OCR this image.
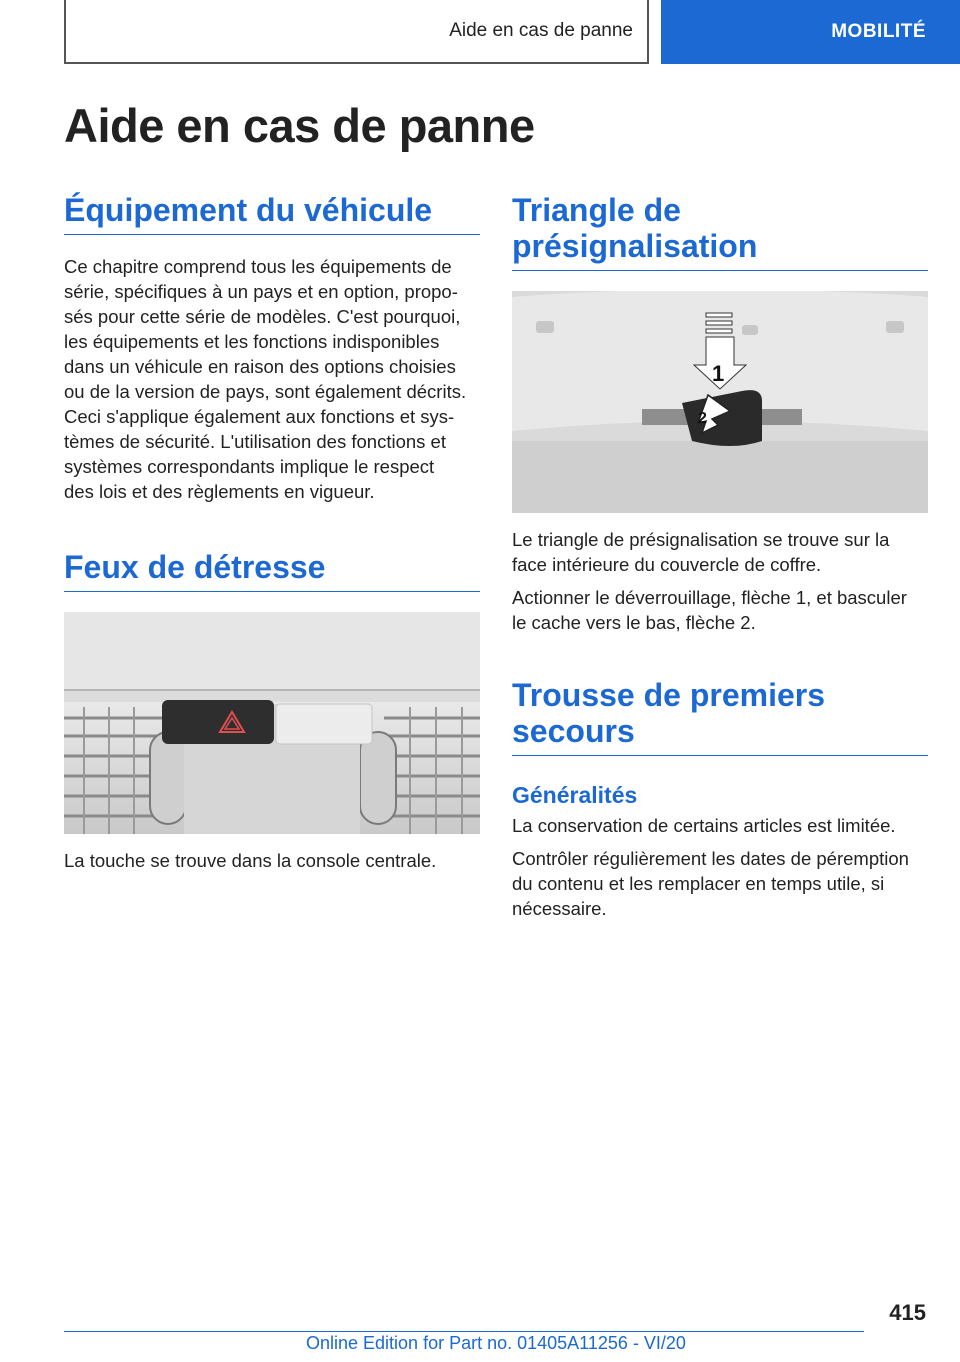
Aide en cas de panne	MOBILITÉ
Aide en cas de panne
Équipement du véhicule

Ce chapitre comprend tous les équipements de
série, spécifiques à un pays et en option, propo‐
sés pour cette série de modèles. C'est pourquoi,
les équipements et les fonctions indisponibles
dans un véhicule en raison des options choisies
ou de la version de pays, sont également décrits.
Ceci s'applique également aux fonctions et sys‐
tèmes de sécurité. L'utilisation des fonctions et
systèmes correspondants implique le respect
des lois et des règlements en vigueur.

Feux de détresse

La touche se trouve dans la console centrale.

Triangle de
présignalisation
1
2

Le triangle de présignalisation se trouve sur la
face intérieure du couvercle de coffre.

Actionner le déverrouillage, flèche 1, et basculer
le cache vers le bas, flèche 2.

Trousse de premiers
secours
Généralités

La conservation de certains articles est limitée.

Contrôler régulièrement les dates de péremption
du contenu et les remplacer en temps utile, si
nécessaire.

415
Online Edition for Part no. 01405A11256 - VI/20
